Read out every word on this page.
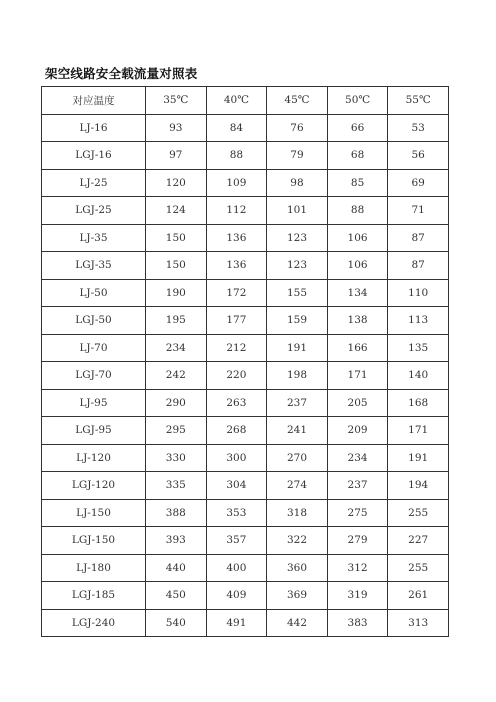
架空线路安全载流量对照表
对应温度	35℃	40℃	45℃	50℃	55℃
LJ-16	93	84	76	66	53
LGJ-16	97	88	79	68	56
LJ-25	120	109	98	85	69
LGJ-25	124	112	101	88	71
LJ-35	150	136	123	106	87
LGJ-35	150	136	123	106	87
LJ-50	190	172	155	134	110
LGJ-50	195	177	159	138	113
LJ-70	234	212	191	166	135
LGJ-70	242	220	198	171	140
LJ-95	290	263	237	205	168
LGJ-95	295	268	241	209	171
LJ-120	330	300	270	234	191
LGJ-120	335	304	274	237	194
LJ-150	388	353	318	275	255
LGJ-150	393	357	322	279	227
LJ-180	440	400	360	312	255
LGJ-185	450	409	369	319	261
LGJ-240	540	491	442	383	313
